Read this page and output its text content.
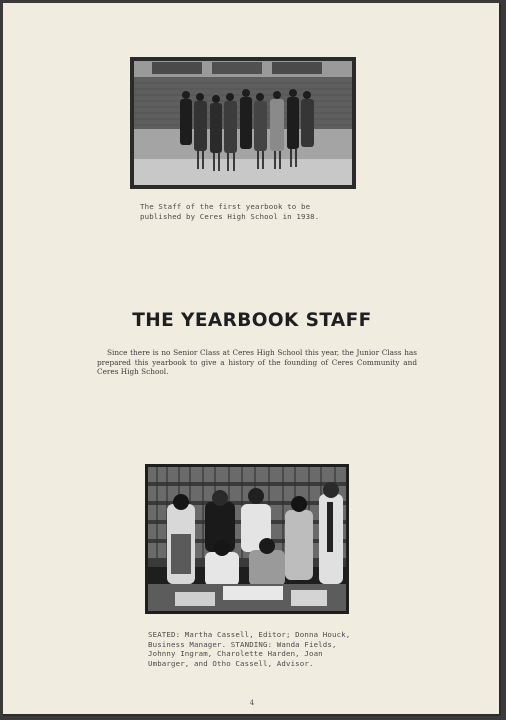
The Staff of the first yearbook to be published by Ceres High School in 1938.
THE YEARBOOK STAFF
Since there is no Senior Class at Ceres High School this year, the Junior Class has prepared this yearbook to give a history of the founding of Ceres Community and Ceres High School.
SEATED: Martha Cassell, Editor; Donna Houck, Business Manager. STANDING: Wanda Fields, Johnny Ingram, Charolette Harden, Joan Umbarger, and Otho Cassell, Advisor.
4
